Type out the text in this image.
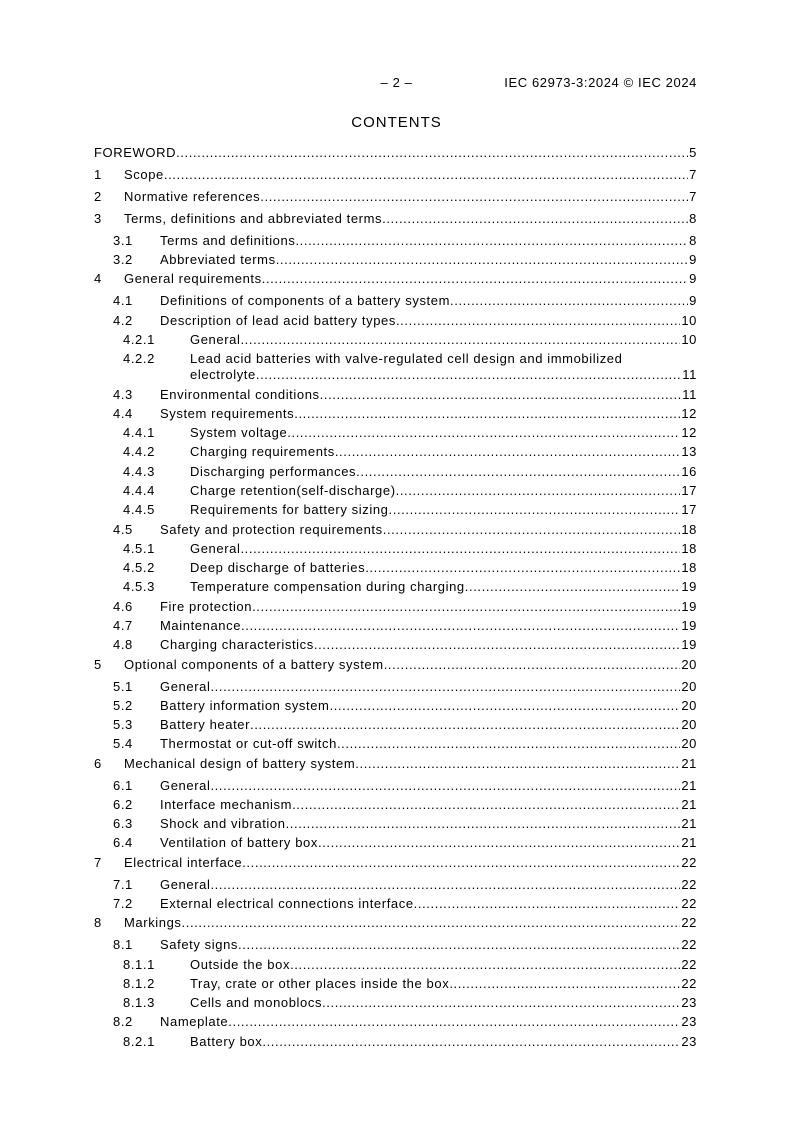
– 2 –	IEC 62973-3:2024 © IEC 2024
CONTENTS
FOREWORD .....	5
1 Scope .....	7
2 Normative references .....	7
3 Terms, definitions and abbreviated terms .....	8
3.1 Terms and definitions .....	8
3.2 Abbreviated terms .....	9
4 General requirements .....	9
4.1 Definitions of components of a battery system .....	9
4.2 Description of lead acid battery types .....	10
4.2.1	General .....	10
4.2.2	Lead acid batteries with valve-regulated cell design and immobilized
electrolyte .....	11
4.3 Environmental conditions .....	11
4.4 System requirements .....	12
4.4.1	System voltage .....	12
4.4.2	Charging requirements .....	13
4.4.3	Discharging performances .....	16
4.4.4	Charge retention(self-discharge) .....	17
4.4.5	Requirements for battery sizing .....	17
4.5 Safety and protection requirements .....	18
4.5.1	General .....	18
4.5.2	Deep discharge of batteries .....	18
4.5.3	Temperature compensation during charging .....	19
4.6 Fire protection .....	19
4.7 Maintenance .....	19
4.8 Charging characteristics .....	19
5 Optional components of a battery system .....	20
5.1 General .....	20
5.2 Battery information system .....	20
5.3 Battery heater .....	20
5.4 Thermostat or cut-off switch .....	20
6 Mechanical design of battery system .....	21
6.1 General .....	21
6.2 Interface mechanism .....	21
6.3 Shock and vibration .....	21
6.4 Ventilation of battery box .....	21
7 Electrical interface .....	22
7.1 General .....	22
7.2 External electrical connections interface .....	22
8 Markings .....	22
8.1 Safety signs .....	22
8.1.1	Outside the box .....	22
8.1.2	Tray, crate or other places inside the box .....	22
8.1.3	Cells and monoblocs .....	23
8.2 Nameplate .....	23
8.2.1	Battery box .....	23
